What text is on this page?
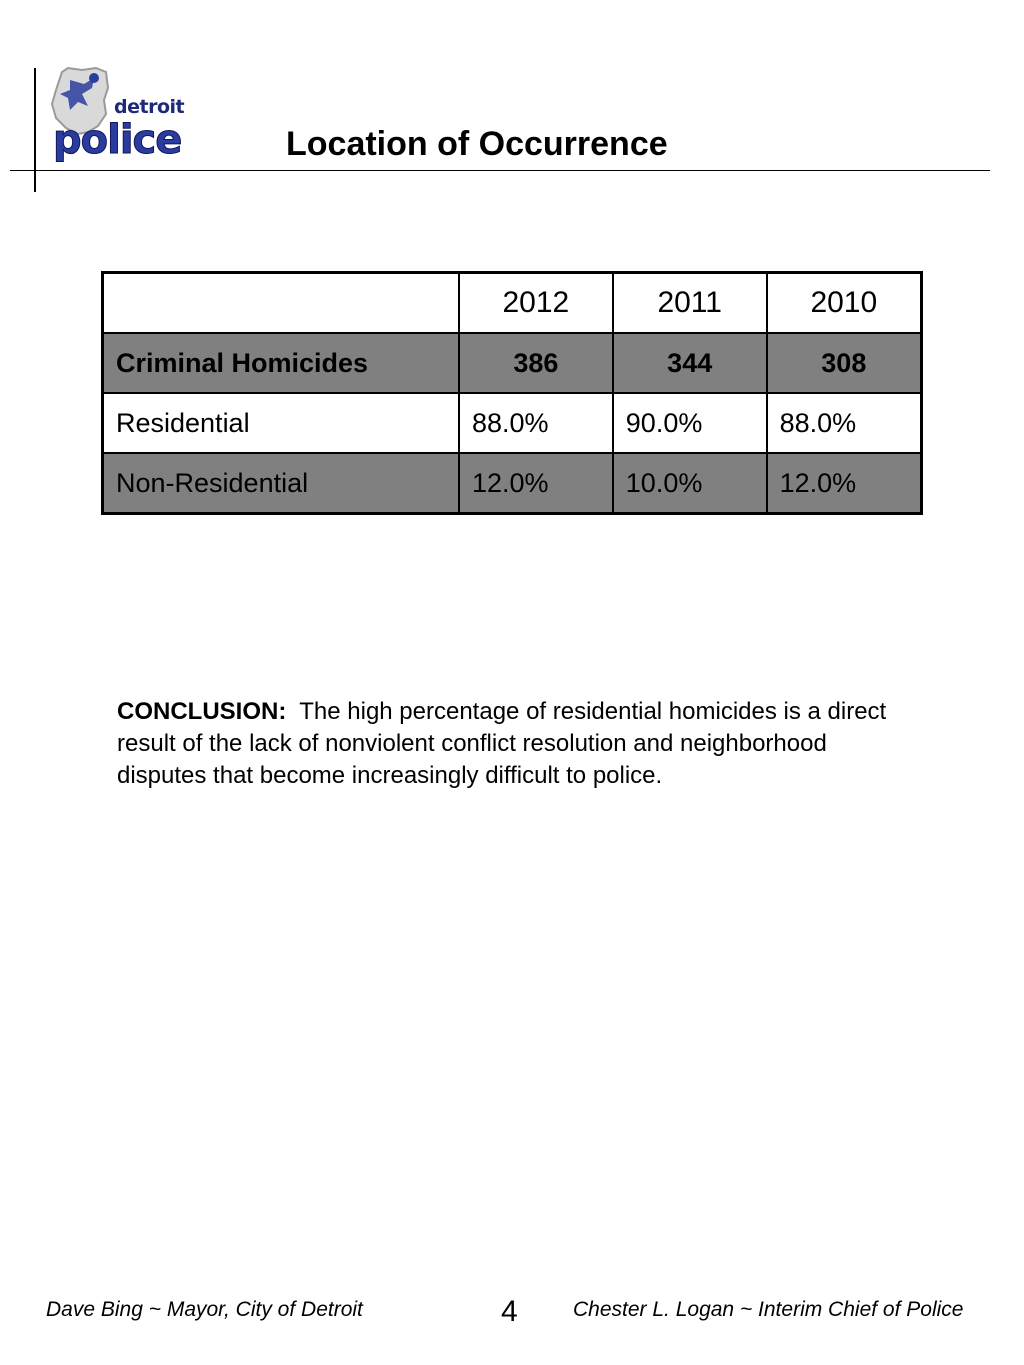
detroit
police	Location of Occurrence
	2012	2011	2010
Criminal Homicides	386	344	308
Residential	88.0%	90.0%	88.0%
Non-Residential	12.0%	10.0%	12.0%
CONCLUSION: The high percentage of residential homicides is a direct result of the lack of nonviolent conflict resolution and neighborhood disputes that become increasingly difficult to police.
Dave Bing ~ Mayor, City of Detroit	4	Chester L. Logan ~ Interim Chief of Police
